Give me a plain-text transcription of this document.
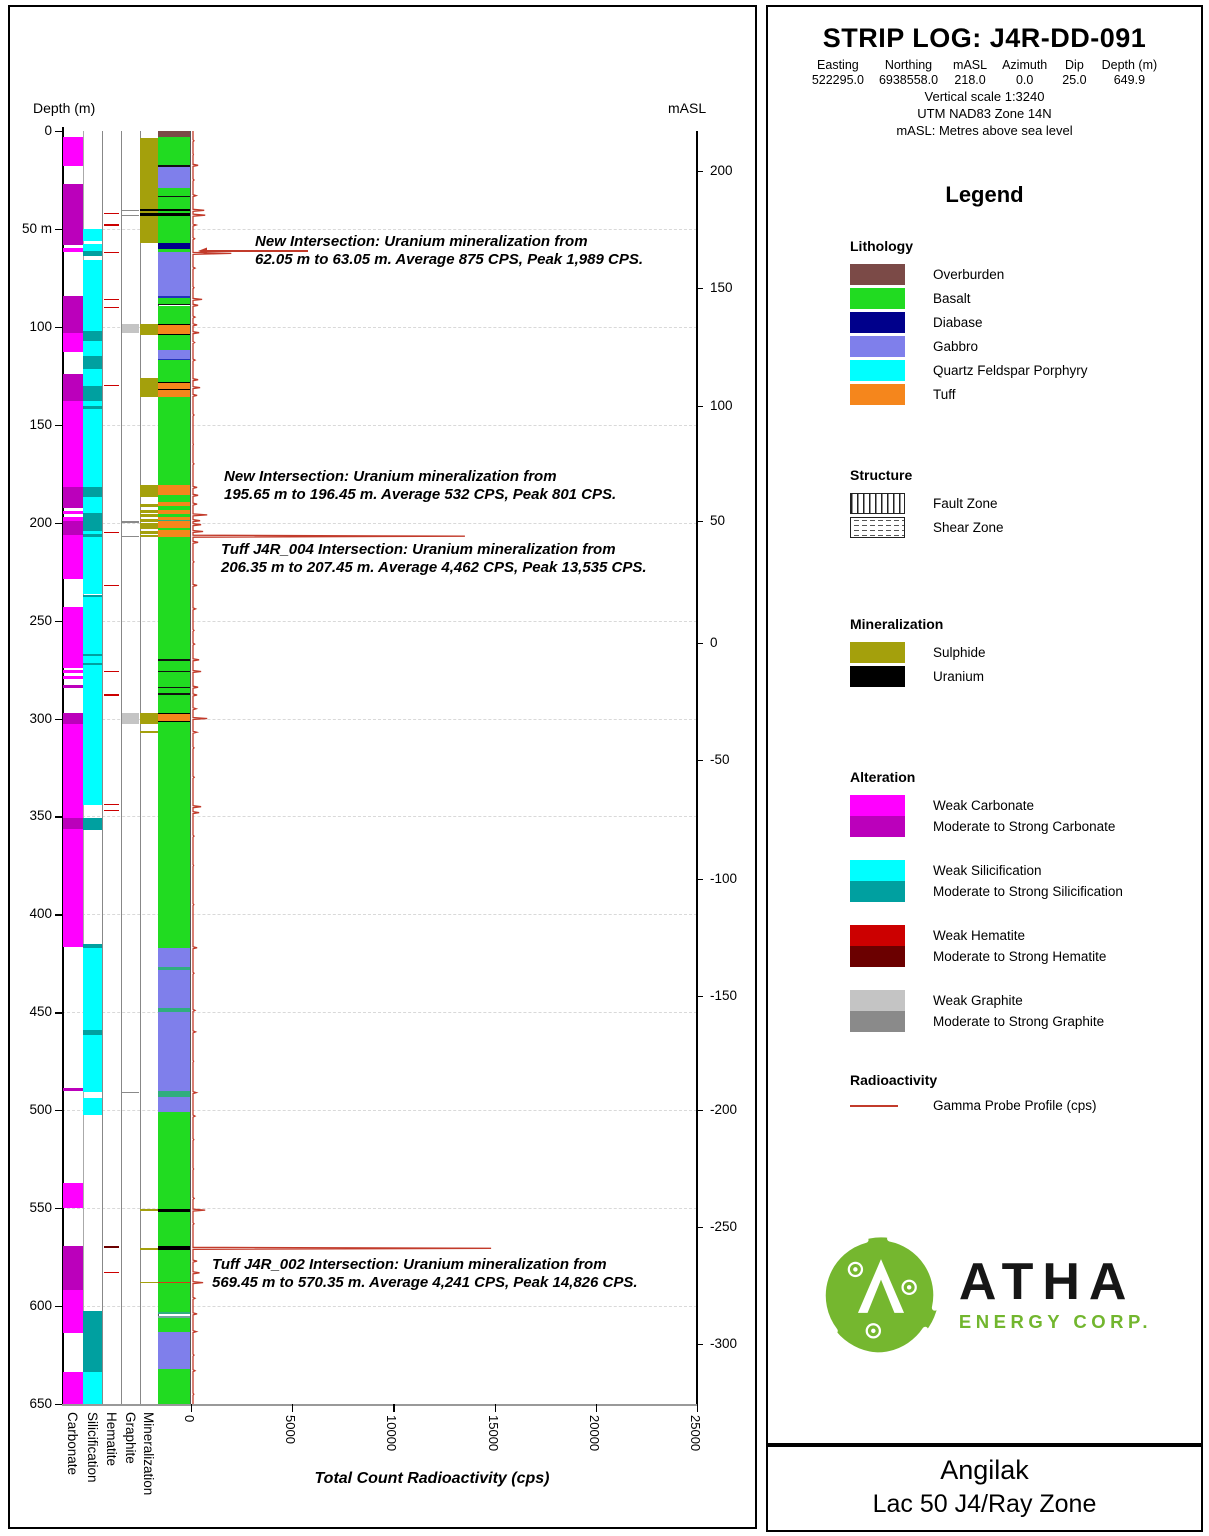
Depth (m)	mASL
Total Count Radioactivity (cps)
0
50 m
100
150
200
250
300
350
400
450
500
550
600
650
200
150
100
50
0
-50
-100
-150
-200
-250
-300
0	5000	10000	15000	20000	25000
Carbonate Silicification Hematite Graphite Mineralization
New Intersection: Uranium mineralization from
62.05 m to 63.05 m. Average 875 CPS, Peak 1,989 CPS.
New Intersection: Uranium mineralization from
195.65 m to 196.45 m. Average 532 CPS, Peak 801 CPS.
Tuff J4R_004 Intersection: Uranium mineralization from
206.35 m to 207.45 m. Average 4,462 CPS, Peak 13,535 CPS.
Tuff J4R_002 Intersection: Uranium mineralization from
569.45 m to 570.35 m. Average 4,241 CPS, Peak 14,826 CPS.
STRIP LOG: J4R-DD-091
Easting
522295.0
Northing
6938558.0
mASL
218.0
Azimuth
0.0
Dip
25.0
Depth (m)
649.9
Vertical scale 1:3240
UTM NAD83 Zone 14N
mASL: Metres above sea level
Legend
Lithology
Overburden
Basalt
Diabase
Gabbro
Quartz Feldspar Porphyry
Tuff
Structure
Fault Zone
Shear Zone
Mineralization
Sulphide
Uranium
Alteration
Weak Carbonate
Moderate to Strong Carbonate
Weak Silicification
Moderate to Strong Silicification
Weak Hematite
Moderate to Strong Hematite
Weak Graphite
Moderate to Strong Graphite
Radioactivity
Gamma Probe Profile (cps)
ATHA
ENERGY CORP.
Angilak
Lac 50 J4/Ray Zone
